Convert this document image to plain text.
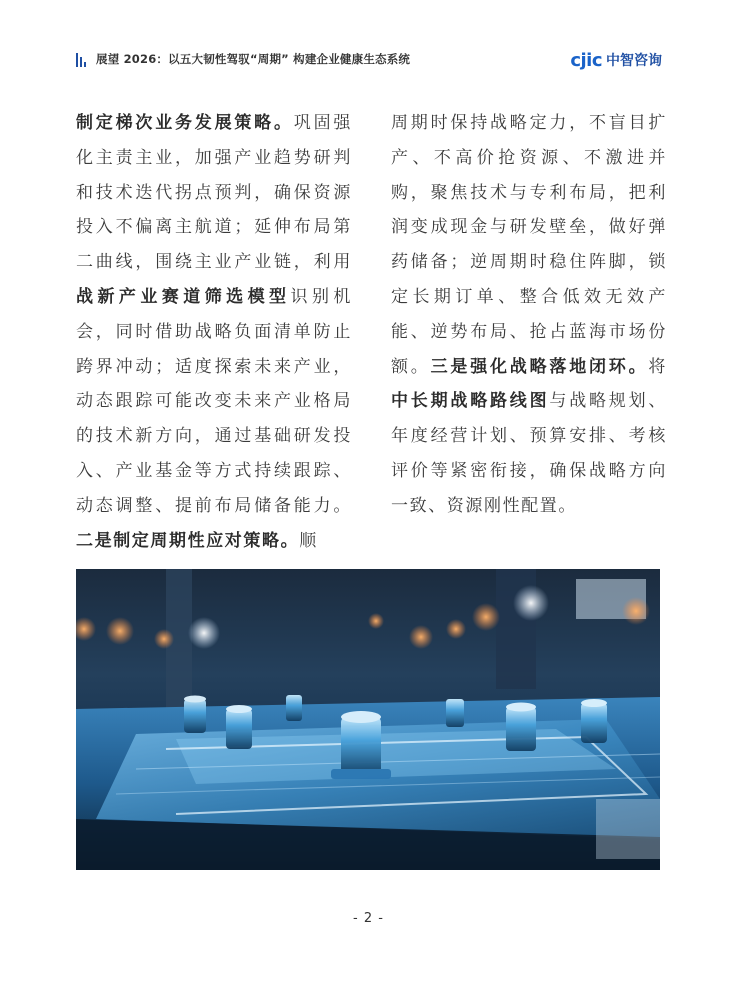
展望 2026：以五大韧性驾驭“周期” 构建企业健康生态系统	cjic 中智咨询
制定梯次业务发展策略。巩固强化主责主业，加强产业趋势研判和技术迭代拐点预判，确保资源投入不偏离主航道；延伸布局第二曲线，围绕主业产业链，利用战新产业赛道筛选模型识别机会，同时借助战略负面清单防止跨界冲动；适度探索未来产业，动态跟踪可能改变未来产业格局的技术新方向，通过基础研发投入、产业基金等方式持续跟踪、动态调整、提前布局储备能力。二是制定周期性应对策略。顺
周期时保持战略定力，不盲目扩产、不高价抢资源、不激进并购，聚焦技术与专利布局，把利润变成现金与研发壁垒，做好弹药储备；逆周期时稳住阵脚，锁定长期订单、整合低效无效产能、逆势布局、抢占蓝海市场份额。三是强化战略落地闭环。将中长期战略路线图与战略规划、年度经营计划、预算安排、考核评价等紧密衔接，确保战略方向一致、资源刚性配置。
- 2 -
